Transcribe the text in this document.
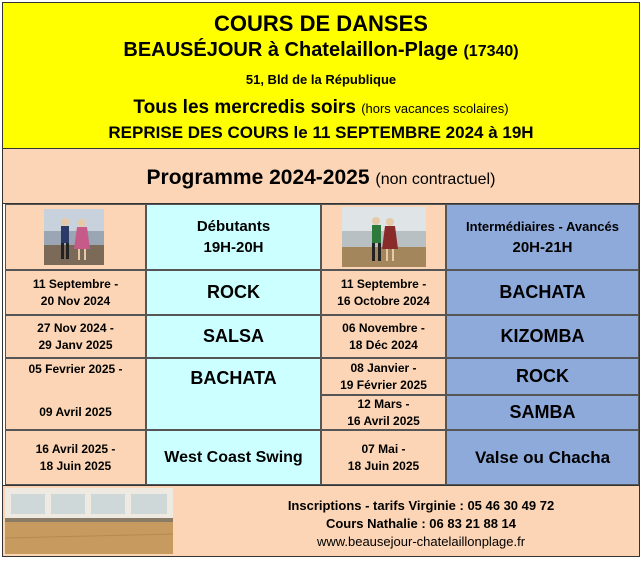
COURS DE DANSES
BEAUSÉJOUR à Chatelaillon-Plage (17340)
51, Bld de la République
Tous les mercredis soirs (hors vacances scolaires)
REPRISE DES COURS le 11 SEPTEMBRE 2024 à 19H
Programme 2024-2025 (non contractuel)
Débutants
19H-20H
Intermédiaires - Avancés
20H-21H
11 Septembre -
20 Nov 2024
27 Nov 2024 -
29 Janv 2025
05 Fevrier 2025 -
09 Avril 2025
16 Avril 2025 -
18 Juin 2025
ROCK
SALSA
BACHATA
West Coast Swing
11 Septembre -
16 Octobre 2024
06 Novembre -
18 Déc 2024
08 Janvier -
19 Février 2025
12 Mars -
16 Avril 2025
07 Mai -
18 Juin 2025
BACHATA
KIZOMBA
ROCK
SAMBA
Valse ou Chacha
Inscriptions - tarifs Virginie : 05 46 30 49 72
Cours Nathalie : 06 83 21 88 14
www.beausejour-chatelaillonplage.fr
